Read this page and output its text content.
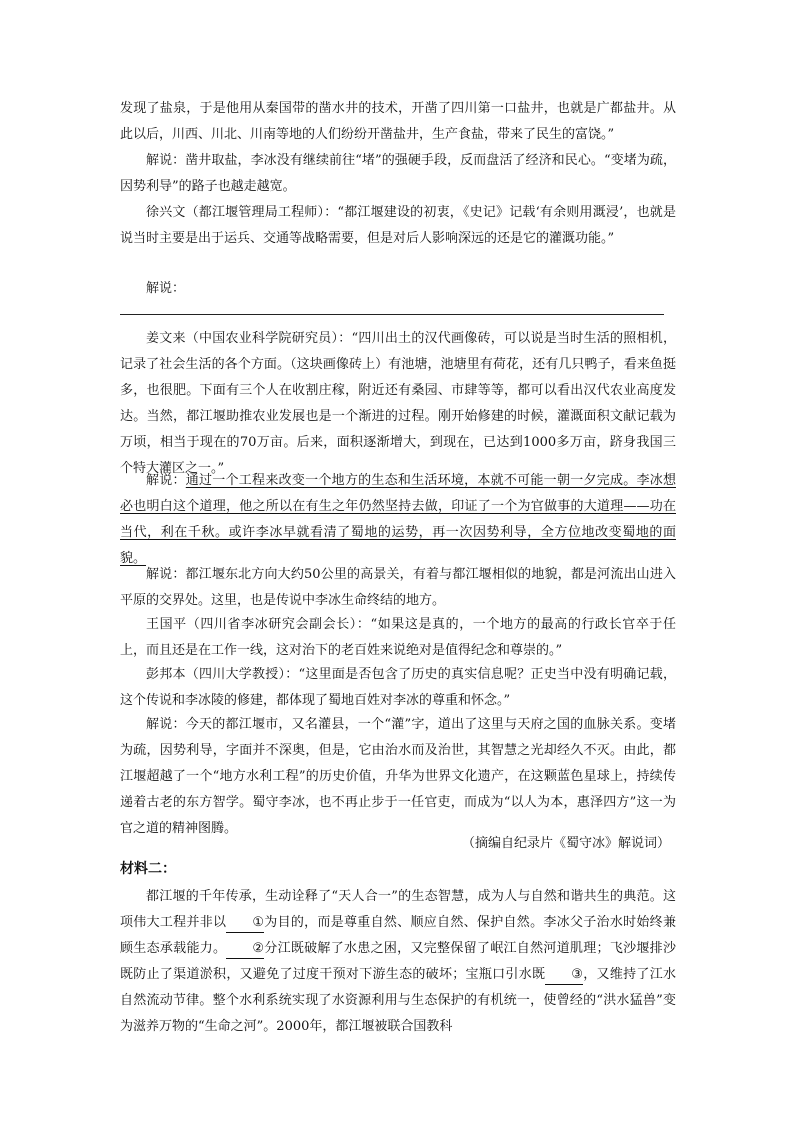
发现了盐泉，于是他用从秦国带的凿水井的技术，开凿了四川第一口盐井，也就是广都盐井。从此以后，川西、川北、川南等地的人们纷纷开凿盐井，生产食盐，带来了民生的富饶。”

解说：凿井取盐，李冰没有继续前往“堵”的强硬手段，反而盘活了经济和民心。“变堵为疏，因势利导”的路子也越走越宽。

徐兴文（都江堰管理局工程师）：“都江堰建设的初衷，《史记》记载‘有余则用溉浸’，也就是说当时主要是出于运兵、交通等战略需要，但是对后人影响深远的还是它的灌溉功能。”

解说：

姜文来（中国农业科学院研究员）：“四川出土的汉代画像砖，可以说是当时生活的照相机，记录了社会生活的各个方面。（这块画像砖上）有池塘，池塘里有荷花，还有几只鸭子，看来鱼挺多，也很肥。下面有三个人在收割庄稼，附近还有桑园、市肆等等，都可以看出汉代农业高度发达。当然，都江堰助推农业发展也是一个渐进的过程。刚开始修建的时候，灌溉面积文献记载为万顷，相当于现在的70万亩。后来，面积逐渐增大，到现在，已达到1000多万亩，跻身我国三个特大灌区之一。”

解说：通过一个工程来改变一个地方的生态和生活环境，本就不可能一朝一夕完成。李冰想必也明白这个道理，他之所以在有生之年仍然坚持去做，印证了一个为官做事的大道理——功在当代，利在千秋。或许李冰早就看清了蜀地的运势，再一次因势利导，全方位地改变蜀地的面貌。

解说：都江堰东北方向大约50公里的高景关，有着与都江堰相似的地貌，都是河流出山进入平原的交界处。这里，也是传说中李冰生命终结的地方。

王国平（四川省李冰研究会副会长）：“如果这是真的，一个地方的最高的行政长官卒于任上，而且还是在工作一线，这对治下的老百姓来说绝对是值得纪念和尊崇的。”

彭邦本（四川大学教授）：“这里面是否包含了历史的真实信息呢？正史当中没有明确记载，这个传说和李冰陵的修建，都体现了蜀地百姓对李冰的尊重和怀念。”

解说：今天的都江堰市，又名灌县，一个“灌”字，道出了这里与天府之国的血脉关系。变堵为疏，因势利导，字面并不深奥，但是，它由治水而及治世，其智慧之光却经久不灭。由此，都江堰超越了一个“地方水利工程”的历史价值，升华为世界文化遗产，在这颗蓝色星球上，持续传递着古老的东方智学。蜀守李冰，也不再止步于一任官吏，而成为“以人为本，惠泽四方”这一为官之道的精神图腾。

（摘编自纪录片《蜀守冰》解说词）
材料二：

都江堰的千年传承，生动诠释了“天人合一”的生态智慧，成为人与自然和谐共生的典范。这项伟大工程并非以 ①为目的，而是尊重自然、顺应自然、保护自然。李冰父子治水时始终兼顾生态承载能力。 ②分江既破解了水患之困，又完整保留了岷江自然河道肌理；飞沙堰排沙既防止了渠道淤积，又避免了过度干预对下游生态的破坏；宝瓶口引水既 ③，又维持了江水自然流动节律。整个水利系统实现了水资源利用与生态保护的有机统一，使曾经的“洪水猛兽”变为滋养万物的“生命之河”。2000年，都江堰被联合国教科
